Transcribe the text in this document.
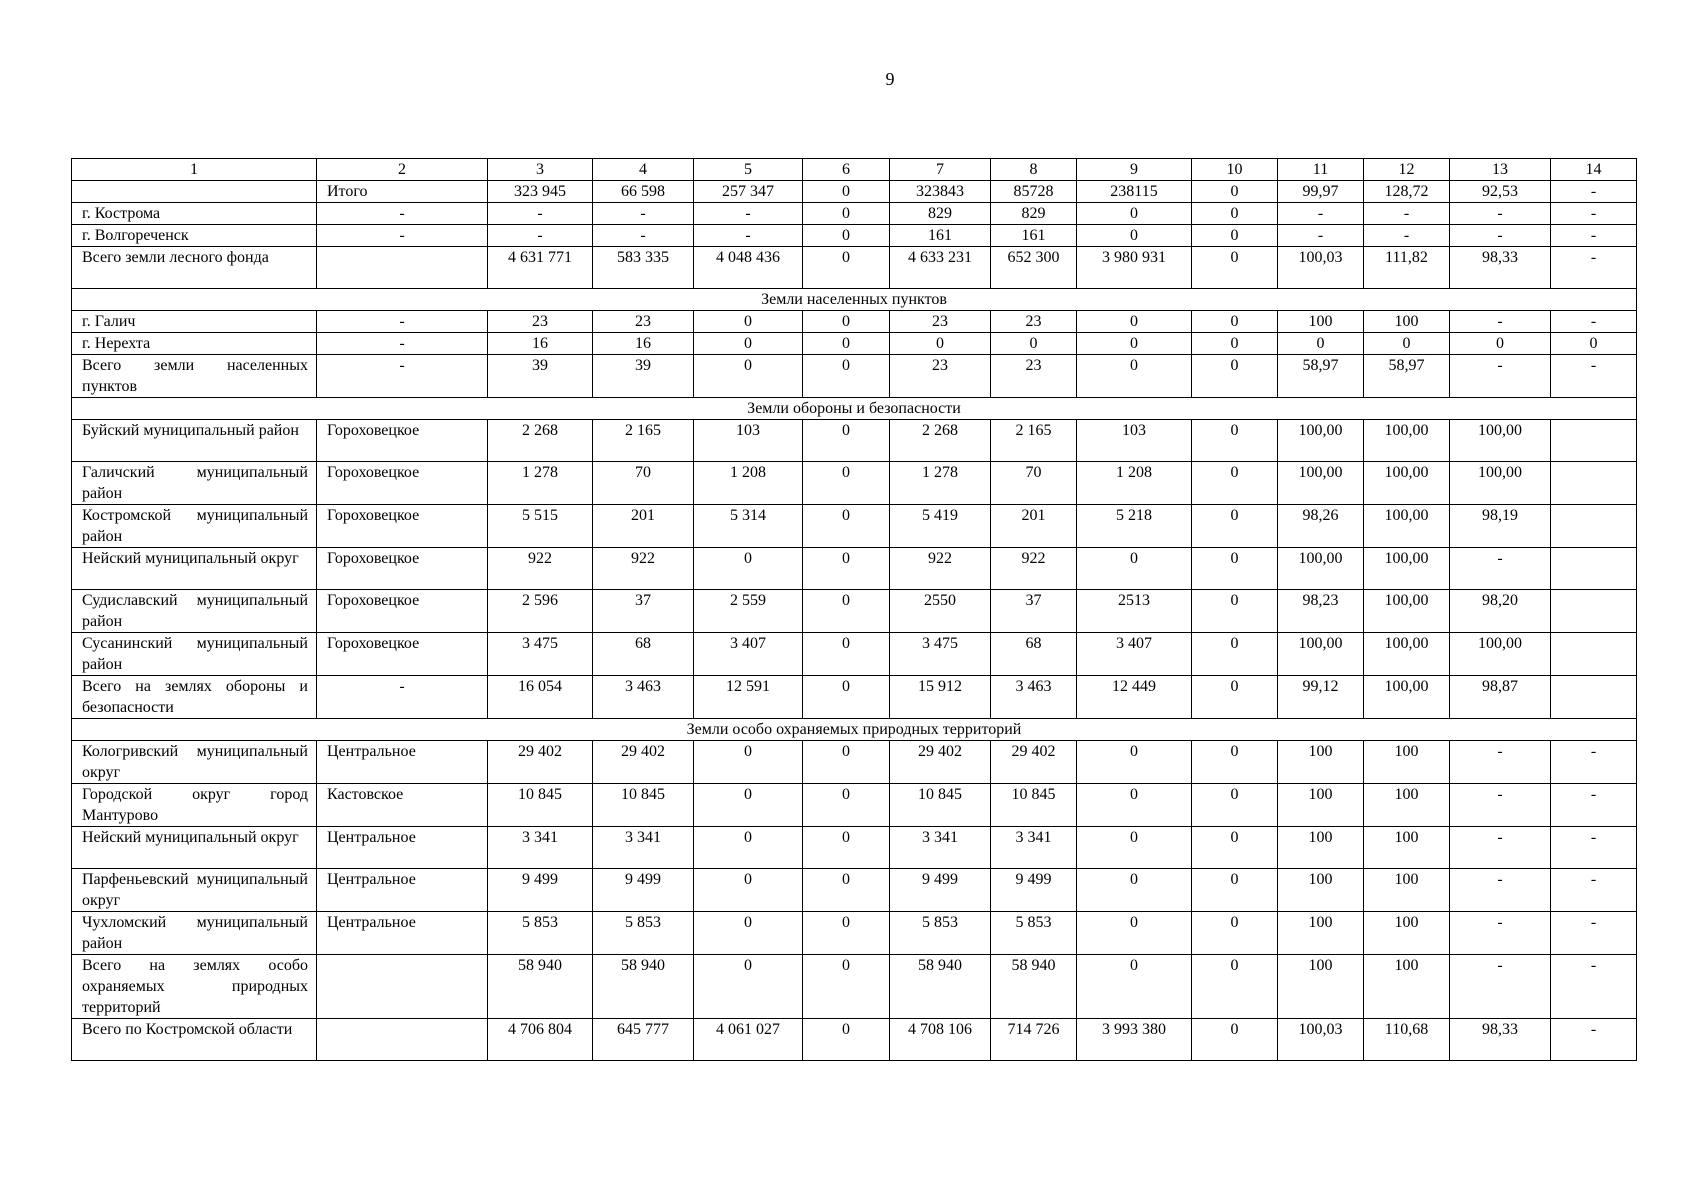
9
1	2	3	4	5	6	7	8	9	10	11	12	13	14
	Итого	323 945	66 598	257 347	0	323843	85728	238115	0	99,97	128,72	92,53	-
г. Кострома	-	-	-	-	0	829	829	0	0	-	-	-	-
г. Волгореченск	-	-	-	-	0	161	161	0	0	-	-	-	-
Всего земли лесного фонда		4 631 771	583 335	4 048 436	0	4 633 231	652 300	3 980 931	0	100,03	111,82	98,33	-
Земли населенных пунктов													
г. Галич	-	23	23	0	0	23	23	0	0	100	100	-	-
г. Нерехта	-	16	16	0	0	0	0	0	0	0	0	0	0
Всего земли населенных пунктов	-	39	39	0	0	23	23	0	0	58,97	58,97	-	-
Земли обороны и безопасности													
Буйский муниципальный район	Гороховецкое	2 268	2 165	103	0	2 268	2 165	103	0	100,00	100,00	100,00	
Галичский муниципальный район	Гороховецкое	1 278	70	1 208	0	1 278	70	1 208	0	100,00	100,00	100,00	
Костромской муниципальный район	Гороховецкое	5 515	201	5 314	0	5 419	201	5 218	0	98,26	100,00	98,19	
Нейский муниципальный округ	Гороховецкое	922	922	0	0	922	922	0	0	100,00	100,00	-	
Судиславский муниципальный район	Гороховецкое	2 596	37	2 559	0	2550	37	2513	0	98,23	100,00	98,20	
Сусанинский муниципальный район	Гороховецкое	3 475	68	3 407	0	3 475	68	3 407	0	100,00	100,00	100,00	
Всего на землях обороны и безопасности	-	16 054	3 463	12 591	0	15 912	3 463	12 449	0	99,12	100,00	98,87	
Земли особо охраняемых природных территорий													
Кологривский муниципальный округ	Центральное	29 402	29 402	0	0	29 402	29 402	0	0	100	100	-	-
Городской округ город Мантурово	Кастовское	10 845	10 845	0	0	10 845	10 845	0	0	100	100	-	-
Нейский муниципальный округ	Центральное	3 341	3 341	0	0	3 341	3 341	0	0	100	100	-	-
Парфеньевский муниципальный округ	Центральное	9 499	9 499	0	0	9 499	9 499	0	0	100	100	-	-
Чухломский муниципальный район	Центральное	5 853	5 853	0	0	5 853	5 853	0	0	100	100	-	-
Всего на землях особо охраняемых природных территорий		58 940	58 940	0	0	58 940	58 940	0	0	100	100	-	-
Всего по Костромской области		4 706 804	645 777	4 061 027	0	4 708 106	714 726	3 993 380	0	100,03	110,68	98,33	-
